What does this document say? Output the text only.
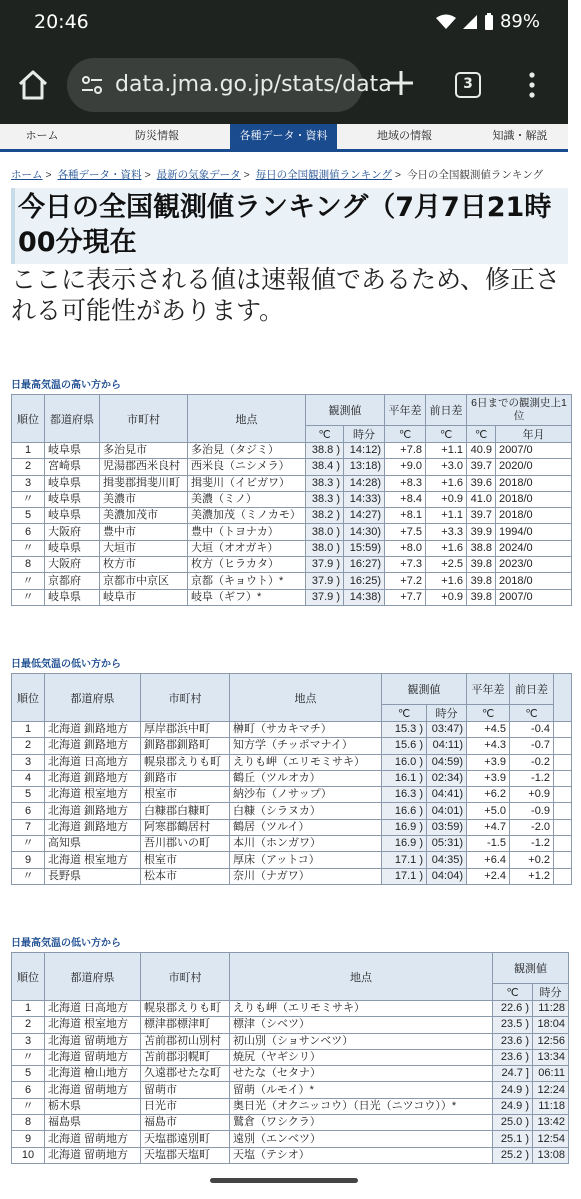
20:46	89%
data.jma.go.jp/stats/data	3
ホーム	防災情報	各種データ・資料	地域の情報	知識・解説
ホーム > 各種データ・資料 > 最新の気象データ > 毎日の全国観測値ランキング > 今日の全国観測値ランキング
今日の全国観測値ランキング（7月7日21時00分現在

ここに表示される値は速報値であるため、修正される可能性があります。

日最高気温の高い方から
順位	都道府県	市町村	地点	観測値		平年差	前日差	6日までの観測史上1位	
				℃	時分	℃	℃	℃	年月
1	岐阜県	多治見市	多治見（タジミ）	38.8 )	14:12)	+7.8	+1.1	40.9	2007/0
2	宮崎県	児湯郡西米良村	西米良（ニシメラ）	38.4 )	13:18)	+9.0	+3.0	39.7	2020/0
3	岐阜県	揖斐郡揖斐川町	揖斐川（イビガワ）	38.3 )	14:28)	+8.3	+1.6	39.6	2018/0
〃	岐阜県	美濃市	美濃（ミノ）	38.3 )	14:33)	+8.4	+0.9	41.0	2018/0
5	岐阜県	美濃加茂市	美濃加茂（ミノカモ）	38.2 )	14:27)	+8.1	+1.1	39.7	2018/0
6	大阪府	豊中市	豊中（トヨナカ）	38.0 )	14:30)	+7.5	+3.3	39.9	1994/0
〃	岐阜県	大垣市	大垣（オオガキ）	38.0 )	15:59)	+8.0	+1.6	38.8	2024/0
8	大阪府	枚方市	枚方（ヒラカタ）	37.9 )	16:27)	+7.3	+2.5	39.8	2023/0
〃	京都府	京都市中京区	京都（キョウト）*	37.9 )	16:25)	+7.2	+1.6	39.8	2018/0
〃	岐阜県	岐阜市	岐阜（ギフ）*	37.9 )	14:38)	+7.7	+0.9	39.8	2007/0
日最低気温の低い方から
順位	都道府県	市町村	地点	観測値		平年差	前日差	
				℃	時分	℃	℃	
1	北海道 釧路地方	厚岸郡浜中町	榊町（サカキマチ）	15.3 )	03:47)	+4.5	-0.4	
2	北海道 釧路地方	釧路郡釧路町	知方学（チッポマナイ）	15.6 )	04:11)	+4.3	-0.7	
3	北海道 日高地方	幌泉郡えりも町	えりも岬（エリモミサキ）	16.0 )	04:59)	+3.9	-0.2	
4	北海道 釧路地方	釧路市	鶴丘（ツルオカ）	16.1 )	02:34)	+3.9	-1.2	
5	北海道 根室地方	根室市	納沙布（ノサップ）	16.3 )	04:41)	+6.2	+0.9	
6	北海道 釧路地方	白糠郡白糠町	白糠（シラヌカ）	16.6 )	04:01)	+5.0	-0.9	
7	北海道 釧路地方	阿寒郡鶴居村	鶴居（ツルイ）	16.9 )	03:59)	+4.7	-2.0	
〃	高知県	吾川郡いの町	本川（ホンガワ）	16.9 )	05:31)	-1.5	-1.2	
9	北海道 根室地方	根室市	厚床（アットコ）	17.1 )	04:35)	+6.4	+0.2	
〃	長野県	松本市	奈川（ナガワ）	17.1 )	04:04)	+2.4	+1.2	
日最高気温の低い方から
順位	都道府県	市町村	地点	観測値	
				℃	時分
1	北海道 日高地方	幌泉郡えりも町	えりも岬（エリモミサキ）	22.6 )	11:28
2	北海道 根室地方	標津郡標津町	標津（シベツ）	23.5 )	18:04
3	北海道 留萌地方	苫前郡初山別村	初山別（ショサンベツ）	23.6 )	12:56
〃	北海道 留萌地方	苫前郡羽幌町	焼尻（ヤギシリ）	23.6 )	13:34
5	北海道 檜山地方	久遠郡せたな町	せたな（セタナ）	24.7 ]	06:11
6	北海道 留萌地方	留萌市	留萌（ルモイ）*	24.9 )	12:24
〃	栃木県	日光市	奥日光（オクニッコウ）（日光（ニツコウ））*	24.9 )	11:18
8	福島県	福島市	鷲倉（ワシクラ）	25.0 )	13:42
9	北海道 留萌地方	天塩郡遠別町	遠別（エンベツ）	25.1 )	12:54
10	北海道 留萌地方	天塩郡天塩町	天塩（テシオ）	25.2 )	13:08
